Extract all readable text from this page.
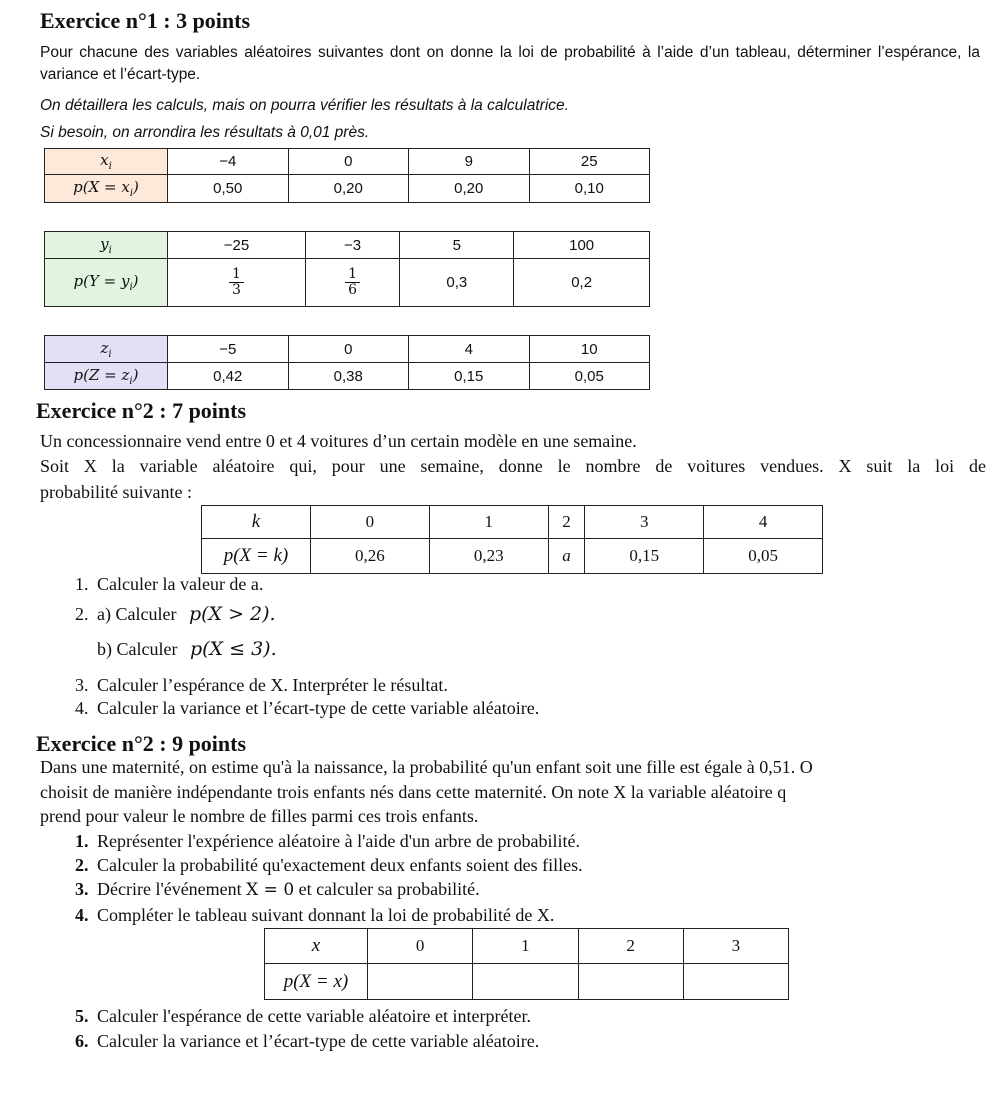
Exercice n°1 : 3 points
Pour chacune des variables aléatoires suivantes dont on donne la loi de probabilité à l’aide d’un tableau, déterminer l’espérance, la variance et l’écart-type.
On détaillera les calculs, mais on pourra vérifier les résultats à la calculatrice.
Si besoin, on arrondira les résultats à 0,01 près.
$x_i$	−4	0	9	25
$p(X = x_i)$	0,50	0,20	0,20	0,10
$y_i$	−25	−3	5	100
$p(Y = y_i)$	$\frac{1}{3}$	$\frac{1}{6}$	0,3	0,2
$z_i$	−5	0	4	10
$p(Z = z_i)$	0,42	0,38	0,15	0,05
Exercice n°2 : 7 points
Un concessionnaire vend entre 0 et 4 voitures d’un certain modèle en une semaine.
Soit X la variable aléatoire qui, pour une semaine, donne le nombre de voitures vendues. X suit la loi de
probabilité suivante :
k	0	1	2	3	4
p(X = k)	0,26	0,23	a	0,15	0,05
1. Calculer la valeur de a.
2. a) Calculer p(X > 2).
b) Calculer p(X ≤ 3).
3. Calculer l’espérance de X. Interpréter le résultat.
4. Calculer la variance et l’écart-type de cette variable aléatoire.
Exercice n°2 : 9 points
Dans une maternité, on estime qu'à la naissance, la probabilité qu'un enfant soit une fille est égale à 0,51. O
choisit de manière indépendante trois enfants nés dans cette maternité. On note X la variable aléatoire q
prend pour valeur le nombre de filles parmi ces trois enfants.
1. Représenter l'expérience aléatoire à l'aide d'un arbre de probabilité.
2. Calculer la probabilité qu'exactement deux enfants soient des filles.
3. Décrire l'événement X = 0 et calculer sa probabilité.
4. Compléter le tableau suivant donnant la loi de probabilité de X.
x	0	1	2	3
p(X = x)				
5. Calculer l'espérance de cette variable aléatoire et interpréter.
6. Calculer la variance et l’écart-type de cette variable aléatoire.
